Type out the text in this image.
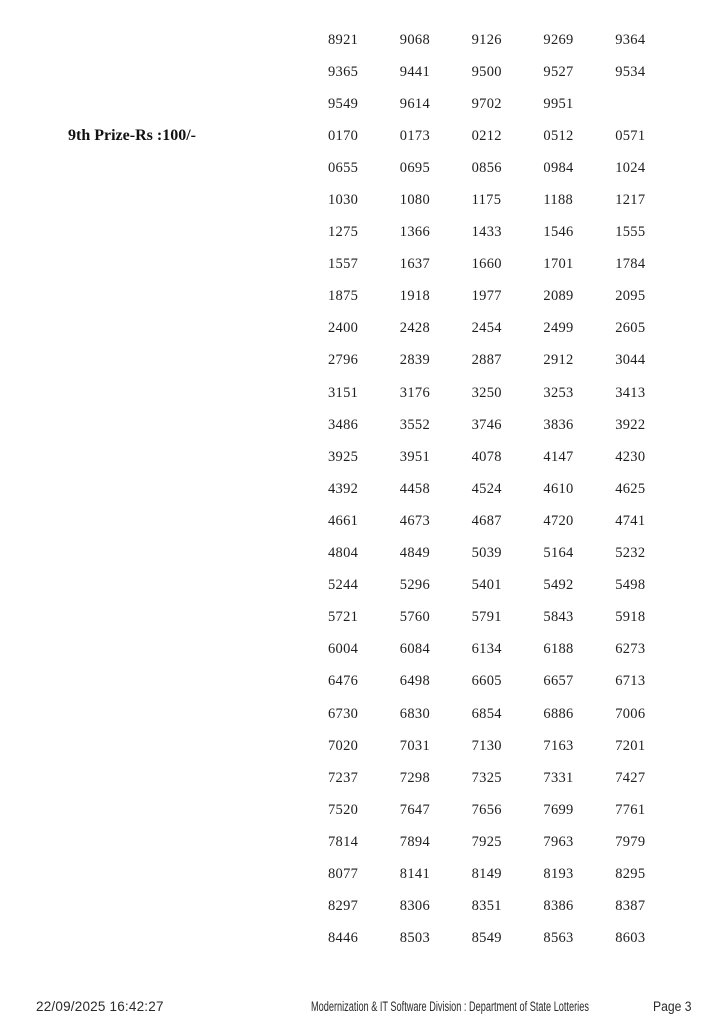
9th Prize-Rs :100/-
8921	9068	9126	9269	9364
9365	9441	9500	9527	9534
9549	9614	9702	9951
0170	0173	0212	0512	0571
0655	0695	0856	0984	1024
1030	1080	1175	1188	1217
1275	1366	1433	1546	1555
1557	1637	1660	1701	1784
1875	1918	1977	2089	2095
2400	2428	2454	2499	2605
2796	2839	2887	2912	3044
3151	3176	3250	3253	3413
3486	3552	3746	3836	3922
3925	3951	4078	4147	4230
4392	4458	4524	4610	4625
4661	4673	4687	4720	4741
4804	4849	5039	5164	5232
5244	5296	5401	5492	5498
5721	5760	5791	5843	5918
6004	6084	6134	6188	6273
6476	6498	6605	6657	6713
6730	6830	6854	6886	7006
7020	7031	7130	7163	7201
7237	7298	7325	7331	7427
7520	7647	7656	7699	7761
7814	7894	7925	7963	7979
8077	8141	8149	8193	8295
8297	8306	8351	8386	8387
8446	8503	8549	8563	8603
22/09/2025 16:42:27	Modernization & IT Software Division : Department of State Lotteries	Page 3
